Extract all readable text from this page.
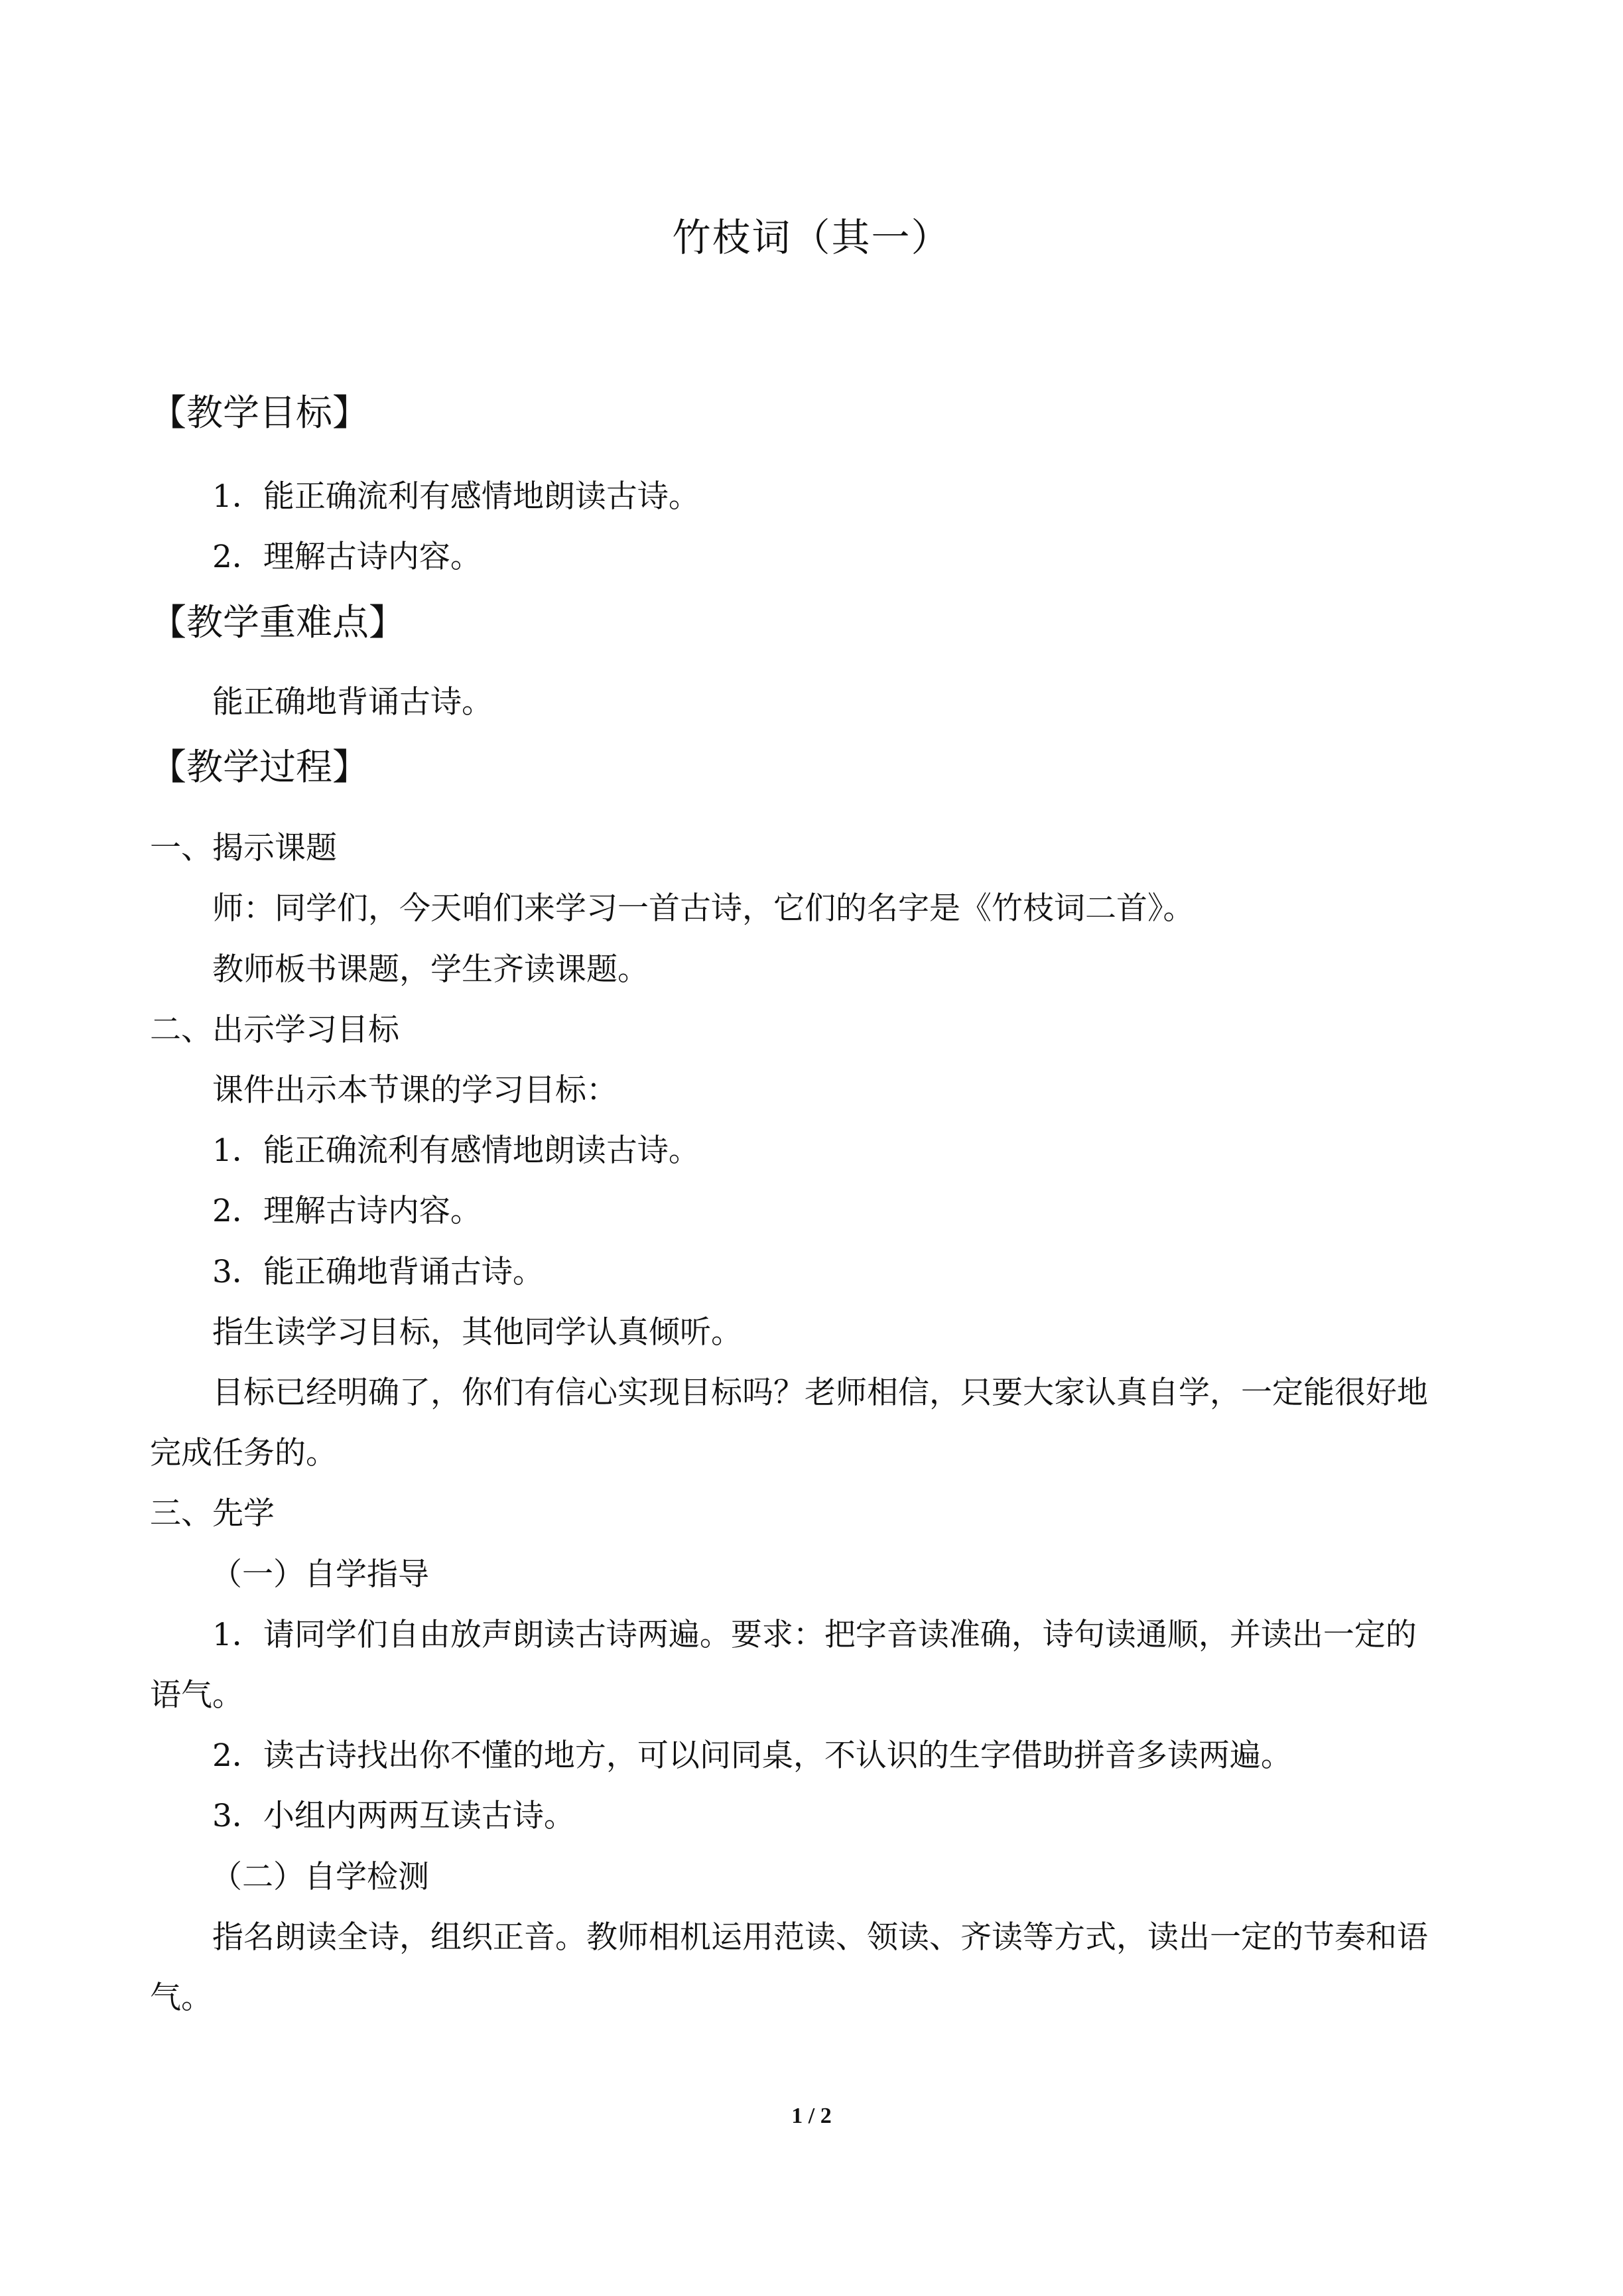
竹枝词（其一）
【教学目标】
1．能正确流利有感情地朗读古诗。
2．理解古诗内容。
【教学重难点】
能正确地背诵古诗。
【教学过程】
一、揭示课题
师：同学们，今天咱们来学习一首古诗，它们的名字是《竹枝词二首》。
教师板书课题，学生齐读课题。
二、出示学习目标
课件出示本节课的学习目标：
1．能正确流利有感情地朗读古诗。
2．理解古诗内容。
3．能正确地背诵古诗。
指生读学习目标，其他同学认真倾听。
目标已经明确了，你们有信心实现目标吗？老师相信，只要大家认真自学，一定能很好地
完成任务的。
三、先学
（一）自学指导
1．请同学们自由放声朗读古诗两遍。要求：把字音读准确，诗句读通顺，并读出一定的
语气。
2．读古诗找出你不懂的地方，可以问同桌，不认识的生字借助拼音多读两遍。
3．小组内两两互读古诗。
（二）自学检测
指名朗读全诗，组织正音。教师相机运用范读、领读、齐读等方式，读出一定的节奏和语
气。
1 / 2
